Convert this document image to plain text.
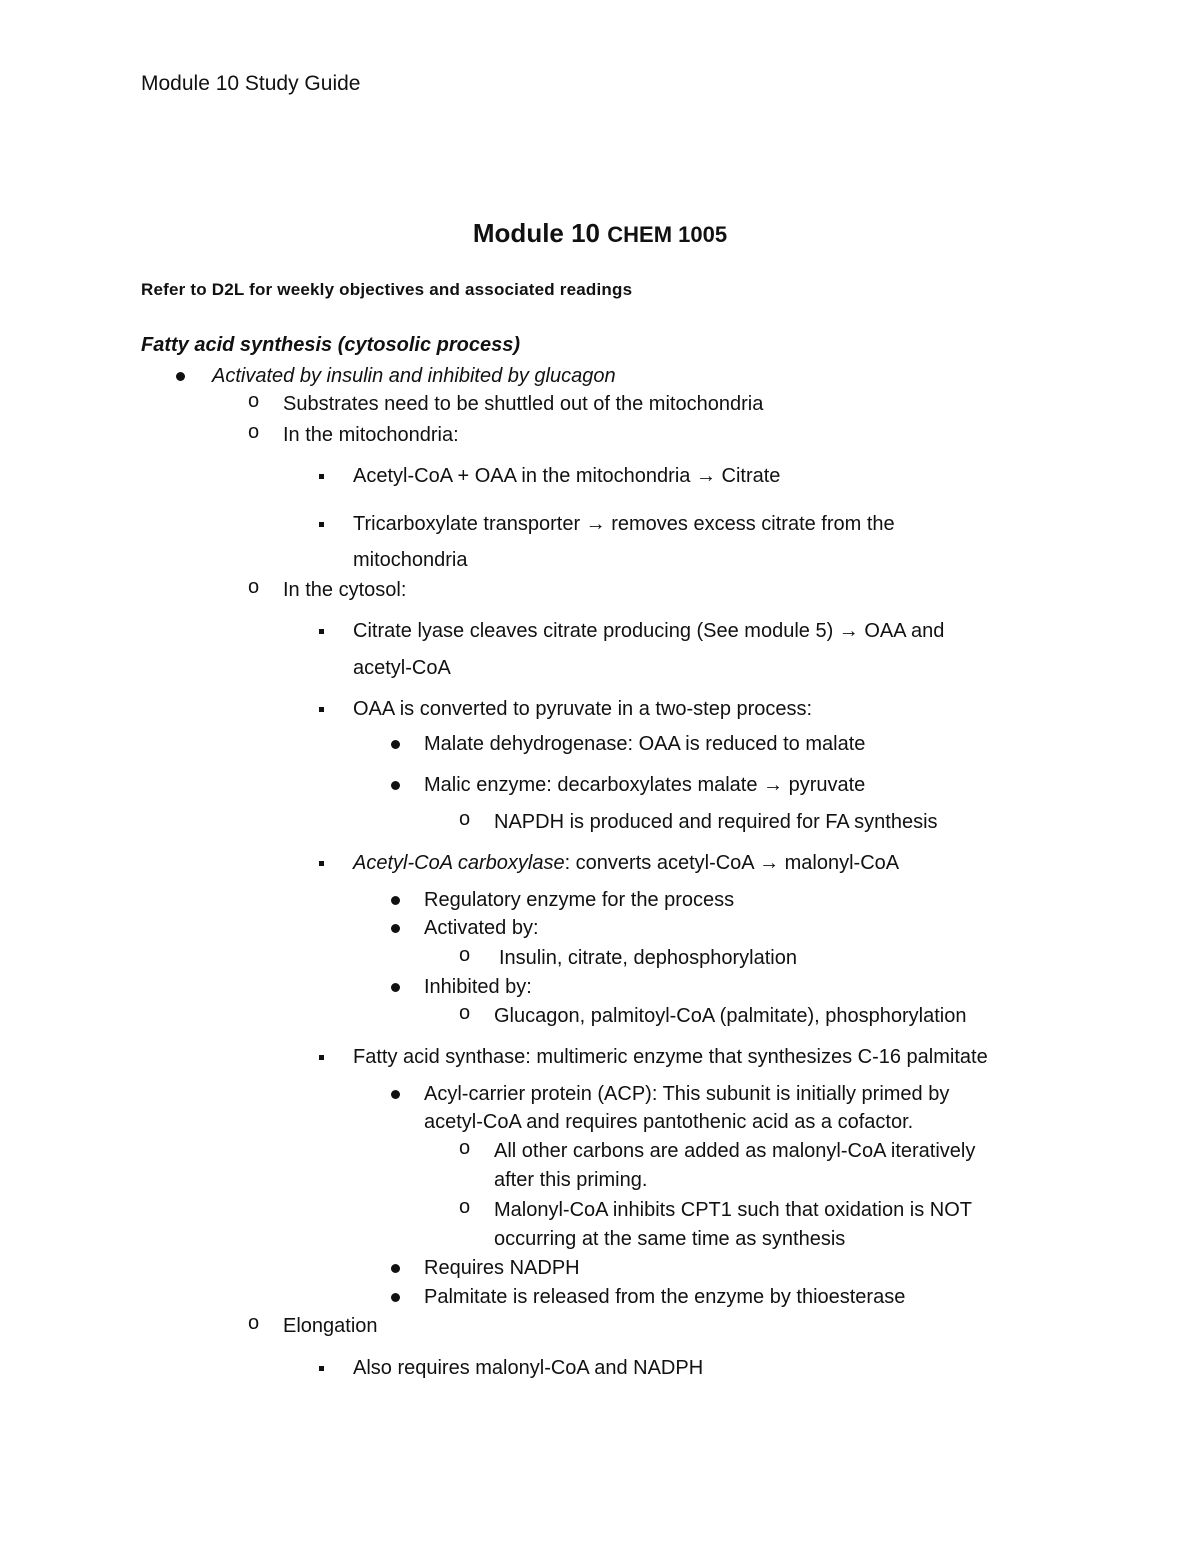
Module 10 Study Guide
Module 10 CHEM 1005
Refer to D2L for weekly objectives and associated readings
Fatty acid synthesis (cytosolic process)
Activated by insulin and inhibited by glucagon
o Substrates need to be shuttled out of the mitochondria
o In the mitochondria:
Acetyl-CoA + OAA in the mitochondria → Citrate
Tricarboxylate transporter → removes excess citrate from the
mitochondria
o In the cytosol:
Citrate lyase cleaves citrate producing (See module 5) → OAA and
acetyl-CoA
OAA is converted to pyruvate in a two-step process:
Malate dehydrogenase: OAA is reduced to malate
Malic enzyme: decarboxylates malate → pyruvate
o NAPDH is produced and required for FA synthesis
Acetyl-CoA carboxylase: converts acetyl-CoA → malonyl-CoA
Regulatory enzyme for the process
Activated by:
o Insulin, citrate, dephosphorylation
Inhibited by:
o Glucagon, palmitoyl-CoA (palmitate), phosphorylation
Fatty acid synthase: multimeric enzyme that synthesizes C-16 palmitate
Acyl-carrier protein (ACP): This subunit is initially primed by
acetyl-CoA and requires pantothenic acid as a cofactor.
o All other carbons are added as malonyl-CoA iteratively
after this priming.
o Malonyl-CoA inhibits CPT1 such that oxidation is NOT
occurring at the same time as synthesis
Requires NADPH
Palmitate is released from the enzyme by thioesterase
o Elongation
Also requires malonyl-CoA and NADPH
